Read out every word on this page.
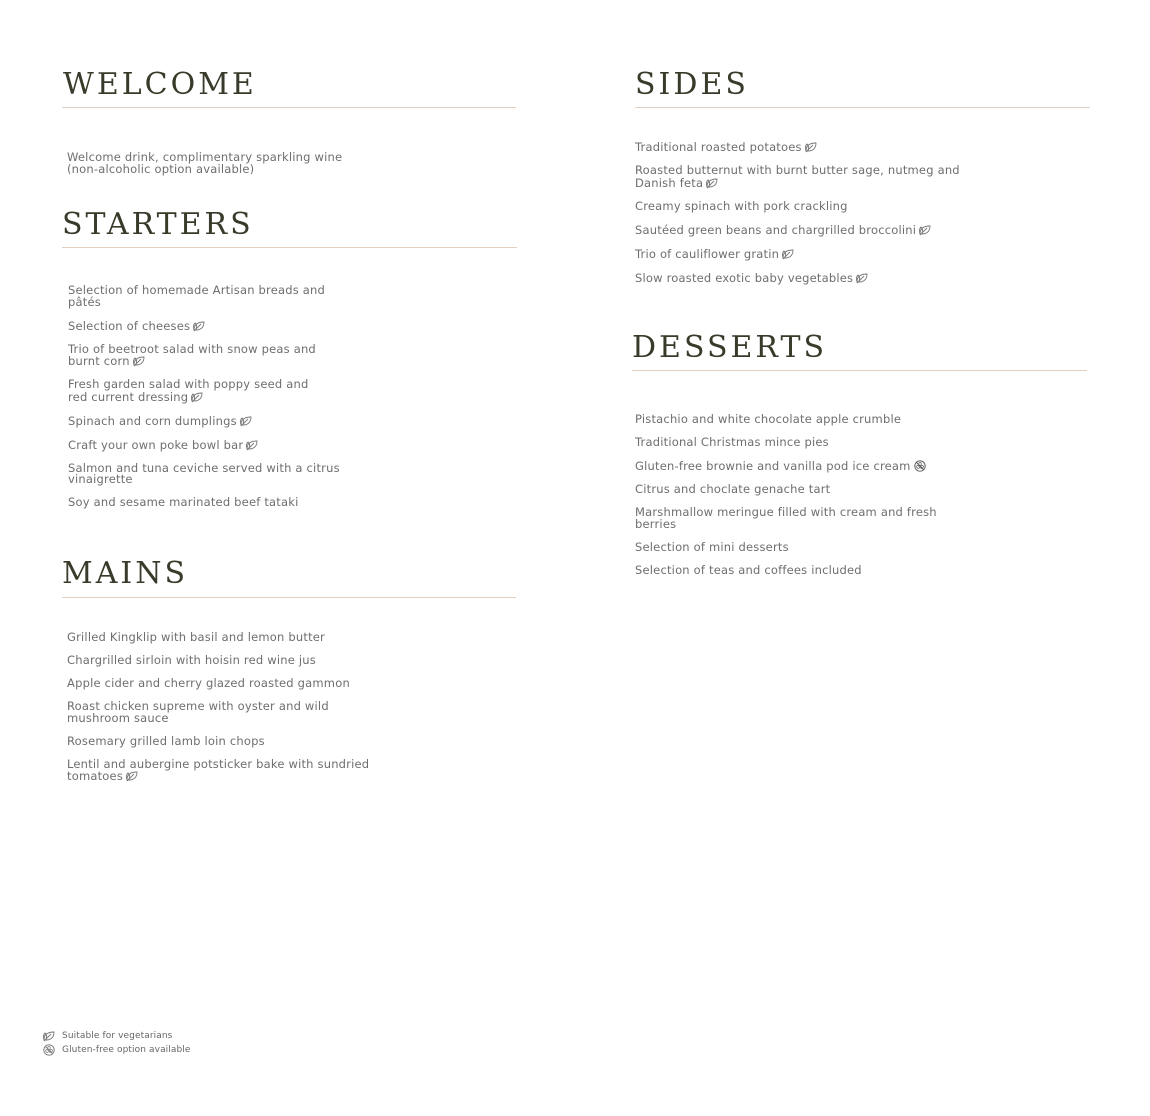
WELCOME
Welcome drink, complimentary sparkling wine
(non-alcoholic option available)
STARTERS
Selection of homemade Artisan breads and
pâtés
Selection of cheeses
Trio of beetroot salad with snow peas and
burnt corn
Fresh garden salad with poppy seed and
red current dressing
Spinach and corn dumplings
Craft your own poke bowl bar
Salmon and tuna ceviche served with a citrus
vinaigrette
Soy and sesame marinated beef tataki
MAINS
Grilled Kingklip with basil and lemon butter
Chargrilled sirloin with hoisin red wine jus
Apple cider and cherry glazed roasted gammon
Roast chicken supreme with oyster and wild
mushroom sauce
Rosemary grilled lamb loin chops
Lentil and aubergine potsticker bake with sundried
tomatoes
SIDES
Traditional roasted potatoes
Roasted butternut with burnt butter sage, nutmeg and
Danish feta
Creamy spinach with pork crackling
Sautéed green beans and chargrilled broccolini
Trio of cauliflower gratin
Slow roasted exotic baby vegetables
DESSERTS
Pistachio and white chocolate apple crumble
Traditional Christmas mince pies
Gluten-free brownie and vanilla pod ice cream
Citrus and choclate genache tart
Marshmallow meringue filled with cream and fresh
berries
Selection of mini desserts
Selection of teas and coffees included
Suitable for vegetarians
Gluten-free option available
